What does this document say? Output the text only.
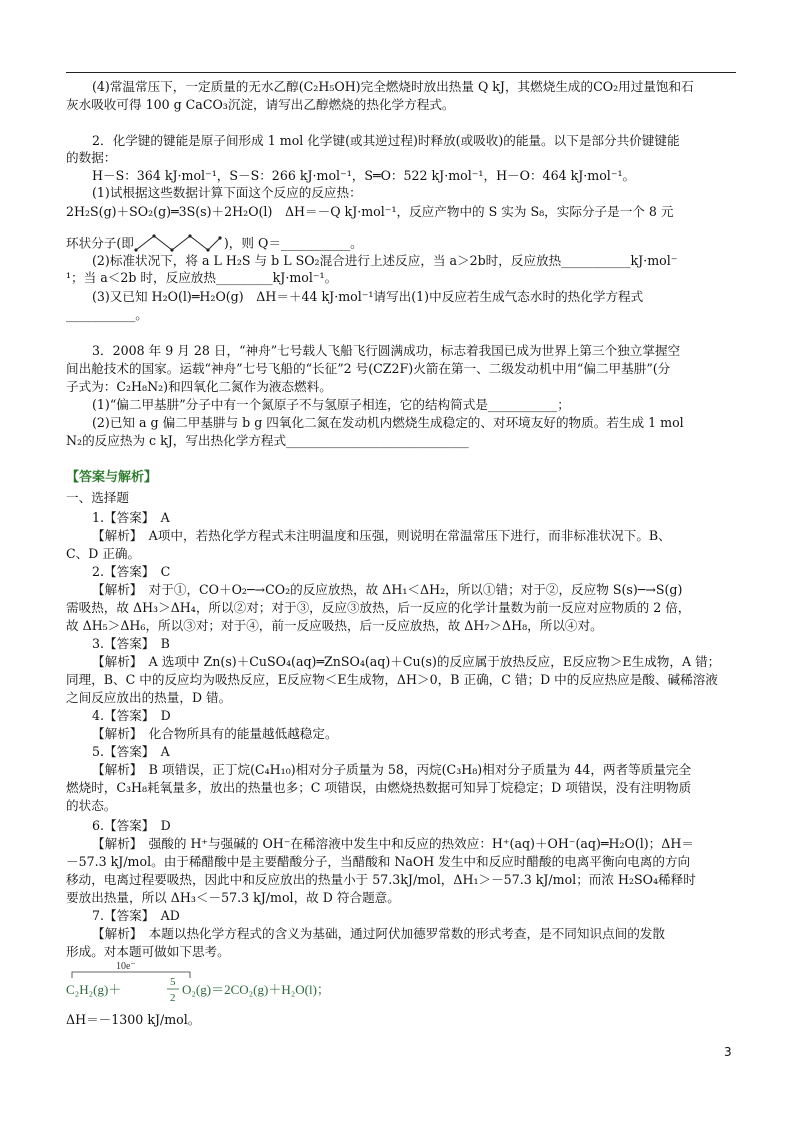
(4)常温常压下，一定质量的无水乙醇(C₂H₅OH)完全燃烧时放出热量 Q kJ，其燃烧生成的CO₂用过量饱和石
灰水吸收可得 100 g CaCO₃沉淀，请写出乙醇燃烧的热化学方程式。
2．化学键的键能是原子间形成 1 mol 化学键(或其逆过程)时释放(或吸收)的能量。以下是部分共价键键能
的数据：
H－S：364 kJ·mol⁻¹，S－S：266 kJ·mol⁻¹，S═O：522 kJ·mol⁻¹，H－O：464 kJ·mol⁻¹。
(1)试根据这些数据计算下面这个反应的反应热：
2H₂S(g)＋SO₂(g)═3S(s)＋2H₂O(l)　ΔH＝－Q kJ·mol⁻¹，反应产物中的 S 实为 S₈，实际分子是一个 8 元
环状分子(即	)，则 Q＝___________。
(2)标准状况下，将 a L H₂S 与 b L SO₂混合进行上述反应，当 a＞2b时，反应放热___________kJ·mol⁻
¹；当 a＜2b 时，反应放热_________kJ·mol⁻¹。
(3)又已知 H₂O(l)═H₂O(g)　ΔH＝＋44 kJ·mol⁻¹请写出(1)中反应若生成气态水时的热化学方程式
___________。
3．2008 年 9 月 28 日，“神舟”七号载人飞船飞行圆满成功，标志着我国已成为世界上第三个独立掌握空
间出舱技术的国家。运载“神舟”七号飞船的“长征”2 号(CZ2F)火箭在第一、二级发动机中用“偏二甲基肼”(分
子式为：C₂H₈N₂)和四氧化二氮作为液态燃料。
(1)“偏二甲基肼”分子中有一个氮原子不与氢原子相连，它的结构简式是___________；
(2)已知 a g 偏二甲基肼与 b g 四氧化二氮在发动机内燃烧生成稳定的、对环境友好的物质。若生成 1 mol
N₂的反应热为 c kJ，写出热化学方程式_____________________________
【答案与解析】
一、选择题
1.【答案】　A
【解析】　A项中，若热化学方程式未注明温度和压强，则说明在常温常压下进行，而非标准状况下。B、
C、D 正确。
2.【答案】　C
【解析】　对于①，CO＋O₂─→CO₂的反应放热，故 ΔH₁＜ΔH₂，所以①错；对于②，反应物 S(s)─→S(g)
需吸热，故 ΔH₃＞ΔH₄，所以②对；对于③，反应③放热，后一反应的化学计量数为前一反应对应物质的 2 倍，
故 ΔH₅＞ΔH₆，所以③对；对于④，前一反应吸热，后一反应放热，故 ΔH₇＞ΔH₈，所以④对。
3.【答案】　B
【解析】　A 选项中 Zn(s)＋CuSO₄(aq)═ZnSO₄(aq)＋Cu(s)的反应属于放热反应，E反应物＞E生成物，A 错；
同理，B、C 中的反应均为吸热反应，E反应物＜E生成物，ΔH＞0，B 正确，C 错；D 中的反应热应是酸、碱稀溶液
之间反应放出的热量，D 错。
4.【答案】　D
【解析】　化合物所具有的能量越低越稳定。
5.【答案】　A
【解析】　B 项错误，正丁烷(C₄H₁₀)相对分子质量为 58，丙烷(C₃H₈)相对分子质量为 44，两者等质量完全
燃烧时，C₃H₈耗氧量多，放出的热量也多；C 项错误，由燃烧热数据可知异丁烷稳定；D 项错误，没有注明物质
的状态。
6.【答案】　D
【解析】　强酸的 H⁺与强碱的 OH⁻在稀溶液中发生中和反应的热效应：H⁺(aq)＋OH⁻(aq)═H₂O(l)；ΔH＝
－57.3 kJ/mol。由于稀醋酸中是主要醋酸分子，当醋酸和 NaOH 发生中和反应时醋酸的电离平衡向电离的方向
移动，电离过程要吸热，因此中和反应放出的热量小于 57.3kJ/mol，ΔH₁＞－57.3 kJ/mol；而浓 H₂SO₄稀释时
要放出热量，所以 ΔH₃＜－57.3 kJ/mol，故 D 符合题意。
7.【答案】　AD
【解析】　本题以热化学方程式的含义为基础，通过阿伏加德罗常数的形式考查，是不同知识点间的发散
形成。对本题可做如下思考。
10e⁻
C₂H₂(g)＋	5
2
O₂(g)＝2CO₂(g)＋H₂O(l)；
ΔH＝－1300 kJ/mol。
3
